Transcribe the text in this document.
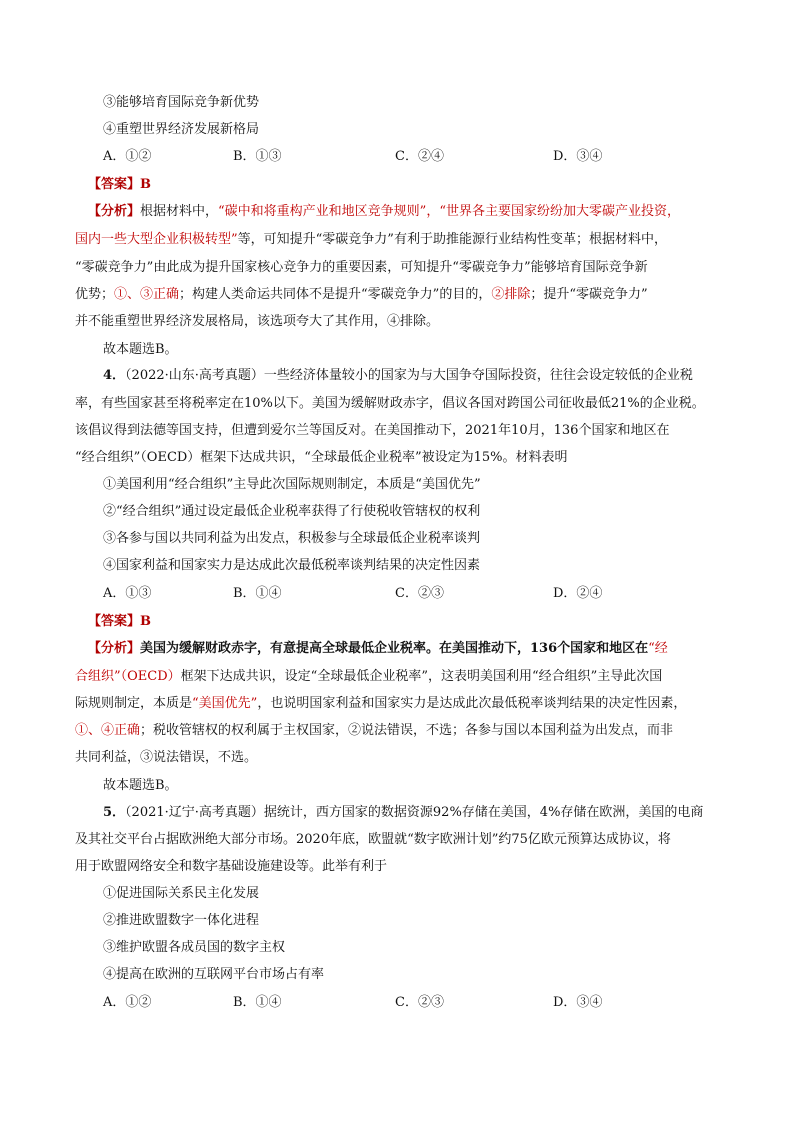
③能够培育国际竞争新优势
④重塑世界经济发展新格局
A．①②	B．①③	C．②④	D．③④
【答案】B
【分析】根据材料中，“碳中和将重构产业和地区竞争规则”，“世界各主要国家纷纷加大零碳产业投资，
国内一些大型企业积极转型”等，可知提升“零碳竞争力”有利于助推能源行业结构性变革；根据材料中，
“零碳竞争力”由此成为提升国家核心竞争力的重要因素，可知提升“零碳竞争力”能够培育国际竞争新
优势；①、③正确；构建人类命运共同体不是提升“零碳竞争力”的目的，②排除；提升“零碳竞争力”
并不能重塑世界经济发展格局，该选项夸大了其作用，④排除。
故本题选B。
4．（2022·山东·高考真题）一些经济体量较小的国家为与大国争夺国际投资，往往会设定较低的企业税
率，有些国家甚至将税率定在10%以下。美国为缓解财政赤字，倡议各国对跨国公司征收最低21%的企业税。
该倡议得到法德等国支持，但遭到爱尔兰等国反对。在美国推动下，2021年10月，136个国家和地区在
“经合组织”（OECD）框架下达成共识，“全球最低企业税率”被设定为15%。材料表明
①美国利用“经合组织”主导此次国际规则制定，本质是“美国优先”
②“经合组织”通过设定最低企业税率获得了行使税收管辖权的权利
③各参与国以共同利益为出发点，积极参与全球最低企业税率谈判
④国家利益和国家实力是达成此次最低税率谈判结果的决定性因素
A．①③	B．①④	C．②③	D．②④
【答案】B
【分析】美国为缓解财政赤字，有意提高全球最低企业税率。在美国推动下，136个国家和地区在“经
合组织”（OECD）框架下达成共识，设定“全球最低企业税率”，这表明美国利用“经合组织”主导此次国
际规则制定，本质是“美国优先”，也说明国家利益和国家实力是达成此次最低税率谈判结果的决定性因素，
①、④正确；税收管辖权的权利属于主权国家，②说法错误，不选；各参与国以本国利益为出发点，而非
共同利益，③说法错误，不选。
故本题选B。
5．（2021·辽宁·高考真题）据统计，西方国家的数据资源92%存储在美国，4%存储在欧洲，美国的电商
及其社交平台占据欧洲绝大部分市场。2020年底，欧盟就“数字欧洲计划”约75亿欧元预算达成协议，将
用于欧盟网络安全和数字基础设施建设等。此举有利于
①促进国际关系民主化发展
②推进欧盟数字一体化进程
③维护欧盟各成员国的数字主权
④提高在欧洲的互联网平台市场占有率
A．①②	B．①④	C．②③	D．③④
